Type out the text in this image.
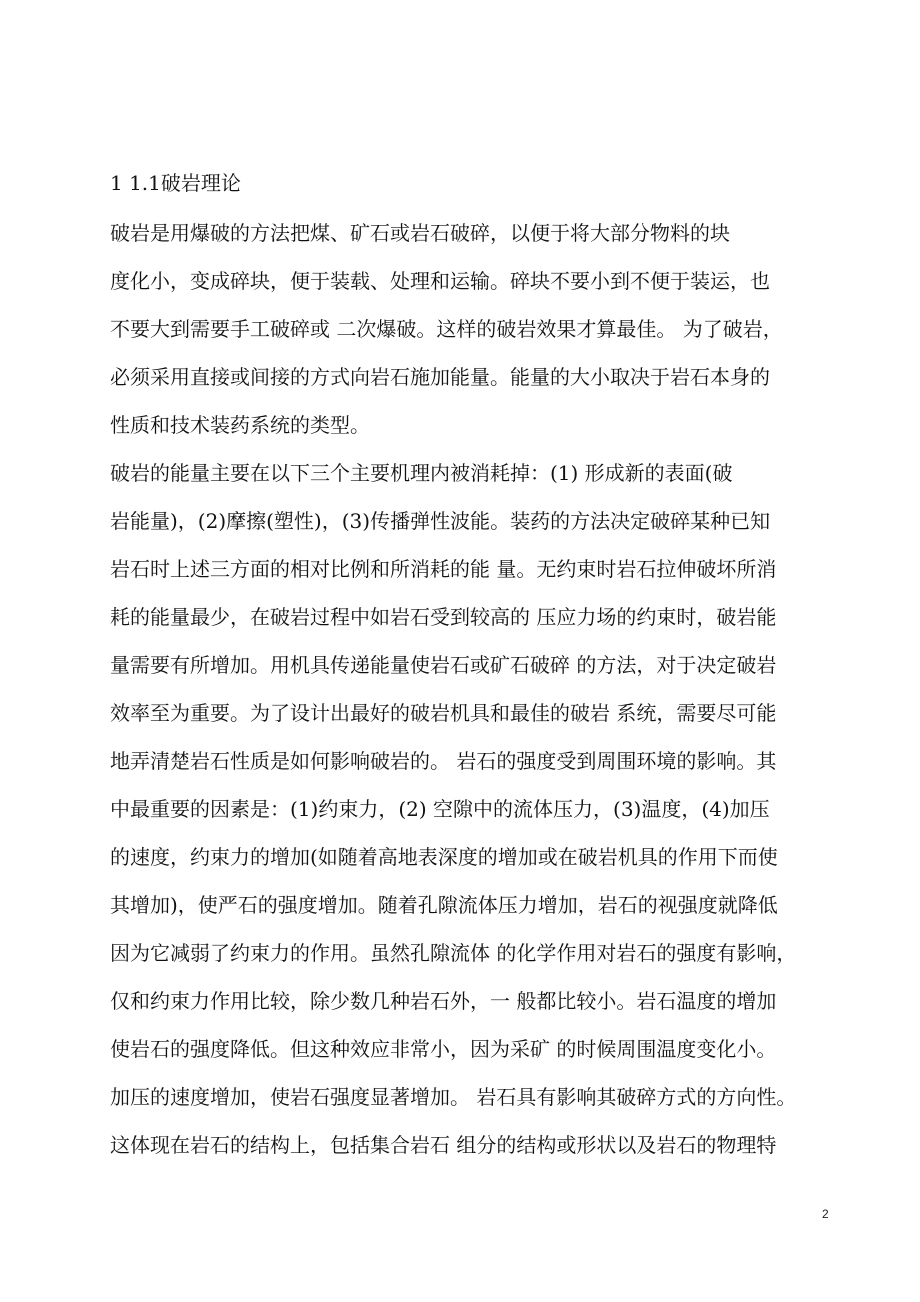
1 1.1破岩理论
破岩是用爆破的方法把煤、矿石或岩石破碎，以便于将大部分物料的块
度化小，变成碎块，便于装载、处理和运输。碎块不要小到不便于装运，也
不要大到需要手工破碎或 二次爆破。这样的破岩效果才算最佳。 为了破岩，
必须采用直接或间接的方式向岩石施加能量。能量的大小取决于岩石本身的
性质和技术装药系统的类型。
破岩的能量主要在以下三个主要机理内被消耗掉：(1) 形成新的表面(破
岩能量)，(2)摩擦(塑性)，(3)传播弹性波能。装药的方法决定破碎某种已知
岩石时上述三方面的相对比例和所消耗的能 量。无约束时岩石拉伸破坏所消
耗的能量最少，在破岩过程中如岩石受到较高的 压应力场的约束时，破岩能
量需要有所增加。用机具传递能量使岩石或矿石破碎 的方法，对于决定破岩
效率至为重要。为了设计出最好的破岩机具和最佳的破岩 系统，需要尽可能
地弄清楚岩石性质是如何影响破岩的。 岩石的强度受到周围环境的影响。其
中最重要的因素是：(1)约束力，(2) 空隙中的流体压力，(3)温度，(4)加压
的速度，约束力的增加(如随着高地表深度的增加或在破岩机具的作用下而使
其增加)，使严石的强度增加。随着孔隙流体压力增加，岩石的视强度就降低
因为它减弱了约束力的作用。虽然孔隙流体 的化学作用对岩石的强度有影响，
仅和约束力作用比较，除少数几种岩石外，一 般都比较小。岩石温度的增加
使岩石的强度降低。但这种效应非常小，因为采矿 的时候周围温度变化小。
加压的速度增加，使岩石强度显著增加。 岩石具有影响其破碎方式的方向性。
这体现在岩石的结构上，包括集合岩石 组分的结构或形状以及岩石的物理特
2
